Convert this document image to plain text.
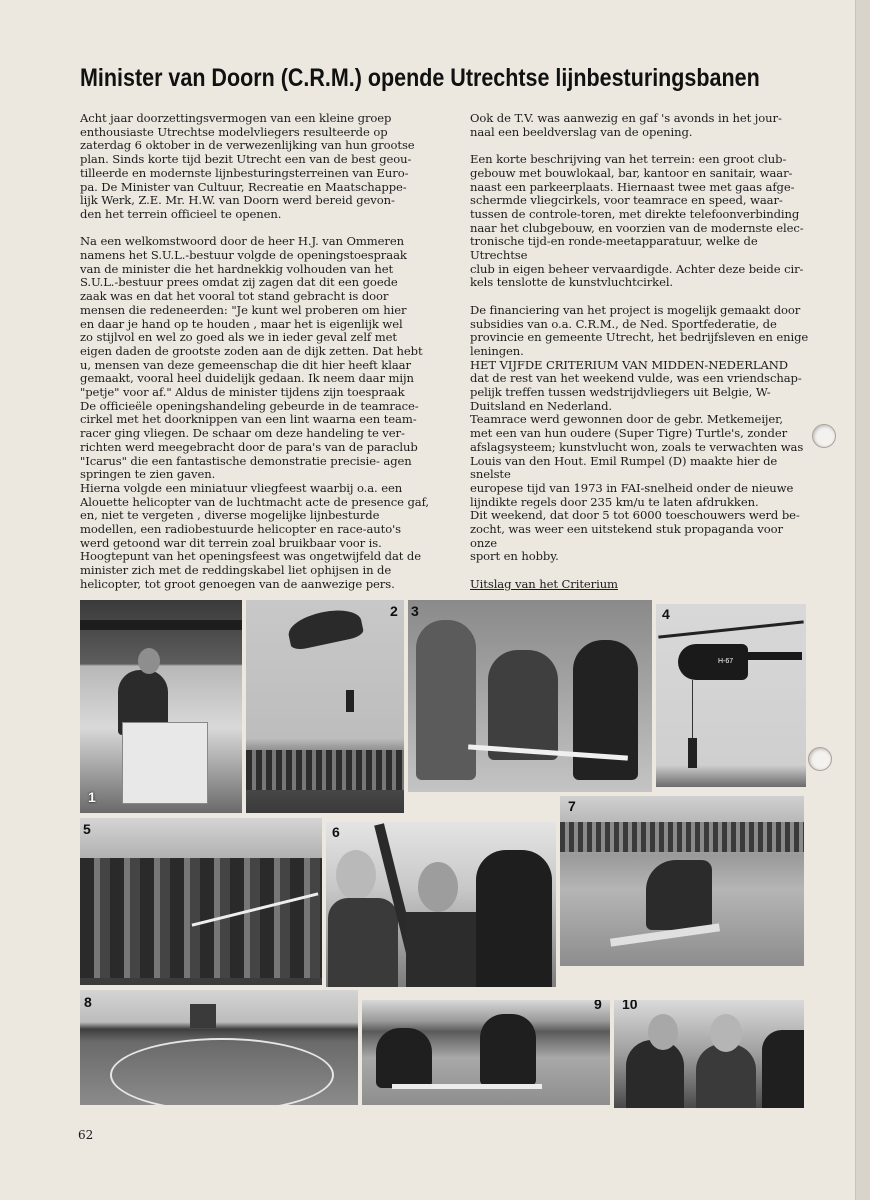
Minister van Doorn (C.R.M.) opende Utrechtse lijnbesturingsbanen

Acht jaar doorzettingsvermogen van een kleine groep
enthousiaste Utrechtse modelvliegers resulteerde op
zaterdag 6 oktober in de verwezenlijking van hun grootse
plan. Sinds korte tijd bezit Utrecht een van de best geou-
tilleerde en modernste lijnbesturingsterreinen van Euro-
pa. De Minister van Cultuur, Recreatie en Maatschappe-
lijk Werk, Z.E. Mr. H.W. van Doorn werd bereid gevon-
den het terrein officieel te openen.

Na een welkomstwoord door de heer H.J. van Ommeren
namens het S.U.L.-bestuur volgde de openingstoespraak
van de minister die het hardnekkig volhouden van het
S.U.L.-bestuur prees omdat zij zagen dat dit een goede
zaak was en dat het vooral tot stand gebracht is door
mensen die redeneerden: "Je kunt wel proberen om hier
en daar je hand op te houden , maar het is eigenlijk wel
zo stijlvol en wel zo goed als we in ieder geval zelf met
eigen daden de grootste zoden aan de dijk zetten. Dat hebt
u, mensen van deze gemeenschap die dit hier heeft klaar
gemaakt, vooral heel duidelijk gedaan. Ik neem daar mijn
"petje" voor af." Aldus de minister tijdens zijn toespraak
De officieële openingshandeling gebeurde in de teamrace-
cirkel met het doorknippen van een lint waarna een team-
racer ging vliegen. De schaar om deze handeling te ver-
richten werd meegebracht door de para's van de paraclub
"Icarus" die een fantastische demonstratie precisie- agen
springen te zien gaven.
Hierna volgde een miniatuur vliegfeest waarbij o.a. een
Alouette helicopter van de luchtmacht acte de presence gaf,
en, niet te vergeten , diverse mogelijke lijnbesturde
modellen, een radiobestuurde helicopter en race-auto's
werd getoond war dit terrein zoal bruikbaar voor is.
Hoogtepunt van het openingsfeest was ongetwijfeld dat de
minister zich met de reddingskabel liet ophijsen in de
helicopter, tot groot genoegen van de aanwezige pers.

Ook de T.V. was aanwezig en gaf 's avonds in het jour-
naal een beeldverslag van de opening.

Een korte beschrijving van het terrein: een groot club-
gebouw met bouwlokaal, bar, kantoor en sanitair, waar-
naast een parkeerplaats. Hiernaast twee met gaas afge-
schermde vliegcirkels, voor teamrace en speed, waar-
tussen de controle-toren, met direkte telefoonverbinding
naar het clubgebouw, en voorzien van de modernste elec-
tronische tijd-en ronde-meetapparatuur, welke de Utrechtse
club in eigen beheer vervaardigde. Achter deze beide cir-
kels tenslotte de kunstvluchtcirkel.

De financiering van het project is mogelijk gemaakt door
subsidies van o.a. C.R.M., de Ned. Sportfederatie, de
provincie en gemeente Utrecht, het bedrijfsleven en enige
leningen.
HET VIJFDE CRITERIUM VAN MIDDEN-NEDERLAND
dat de rest van het weekend vulde, was een vriendschap-
pelijk treffen tussen wedstrijdvliegers uit Belgie, W-
Duitsland en Nederland.
Teamrace werd gewonnen door de gebr. Metkemeijer,
met een van hun oudere (Super Tigre) Turtle's, zonder
afslagsysteem; kunstvlucht won, zoals te verwachten was
Louis van den Hout. Emil Rumpel (D) maakte hier de snelste
europese tijd van 1973 in FAI-snelheid onder de nieuwe
lijndikte regels door 235 km/u te laten afdrukken.
Dit weekend, dat door 5 tot 6000 toeschouwers werd be-
zocht, was weer een uitstekend stuk propaganda voor onze
sport en hobby.

Uitslag van het Criterium

1
2 3
H-67
4
5	6
7
8	9 10
62
